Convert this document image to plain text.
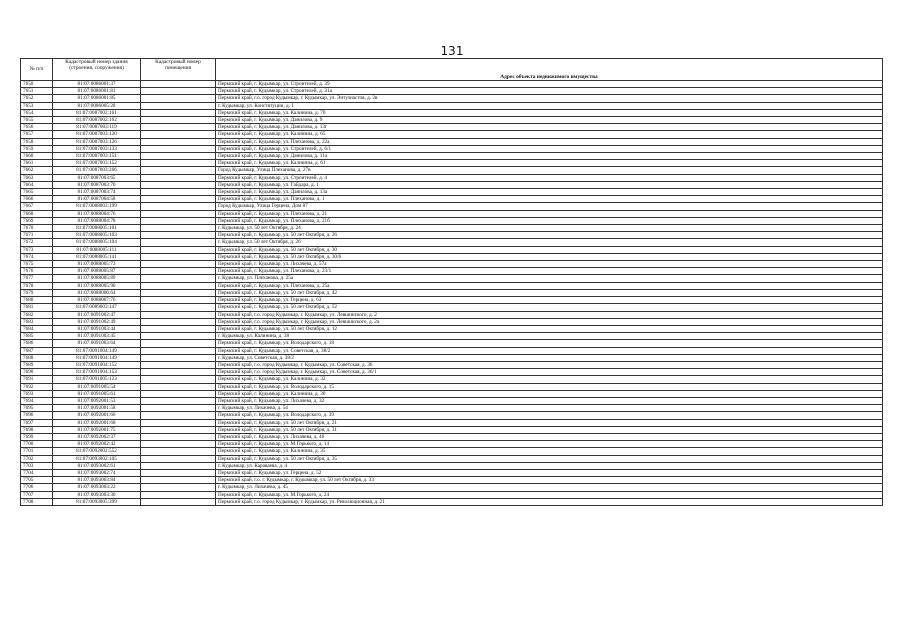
131
№ п/п	Кадастровый номер здания (строения, сооружения)	Кадастровый номер помещения	Адрес объекта недвижимого имущества
7650	81:07:0086001:37		Пермский край, г. Кудымкар, ул. Строителей, д. 39
7651	81:07:0086001:81		Пермский край, г. Кудымкар, ул. Строителей, д. 31а
7652	81:07:0086001:85		Пермский край, г.о. город Кудымкар, г. Кудымкар, ул. Энтузиастов, д. 2в
7653	81:07:0086005:28		г. Кудымкар, ул. Конституции, д. 1
7654	81:07:0087002:161		Пермский край, г. Кудымкар, ул. Калинина, д. 70
7655	81:07:0087002:162		Пермский край, г. Кудымкар, ул. Данилова, д. 9
7656	81:07:0087003:119		Пермский край, г. Кудымкар, ул. Данилова, д. 13г
7657	81:07:0087003:120		Пермский край, г. Кудымкар, ул. Калинина, д. 65
7658	81:07:0087003:126		Пермский край, г. Кудымкар, ул. Плеханова, д. 22а
7659	81:07:0087003:133		Пермский край, г. Кудымкар, ул. Строителей, д. 6/1
7660	81:07:0087003:151		Пермский край, г. Кудымкар, ул. Данилова, д. 11а
7661	81:07:0087003:152		Пермский край, г. Кудымкар, ул. Калинина, д. 61
7662	81:07:0087003:266		Город Кудымкар, Улица Плеханова, д. 27в
7663	81:07:0087003:65		Пермский край, г. Кудымкар, ул. Строителей, д. 4
7664	81:07:0087003:70		Пермский край, г. Кудымкар, ул. Гайдара, д. 1
7665	81:07:0087003:74		Пермский край, г. Кудымкар, ул. Данилова, д. 13а
7666	81:07:0087004:58		Пермский край, г. Кудымкар, ул. Плеханова, д. 1
7667	81:07:0088003:199		Город Кудымкар, Улица Герцена, Дом 87
7668	81:07:0088004:76		Пермский край, г. Кудымкар, ул. Плеханова, д. 21
7669	81:07:0088004:78		Пермский край, г. Кудымкар, ул. Плеханова, д. 21б
7670	81:07:0088005:101		г. Кудымкар, ул. 50 лет Октября, д. 24
7671	81:07:0088005:103		Пермский край, г. Кудымкар, ул. 50 лет Октября, д. 26
7672	81:07:0088005:104		г. Кудымкар, ул. 50 лет Октября, д. 26
7673	81:07:0088005:111		Пермский край, г. Кудымкар, ул. 50 лет Октября, д. 30
7674	81:07:0088005:141		Пермский край, г. Кудымкар, ул. 50 лет Октября, д. 30/6
7675	81:07:0088005:73		Пермский край, г. Кудымкар, ул. Лихачева, д. 57а
7676	81:07:0088005:87		Пермский край, г. Кудымкар, ул. Плеханова, д. 23/1
7677	81:07:0088005:89		г. Кудымкар, ул. Плеханова, д. 25а
7678	81:07:0088005:90		Пермский край, г. Кудымкар, ул. Плеханова, д. 25а
7679	81:07:0088006:64		Пермский край, г. Кудымкар, ул. 50 лет Октября, д. 42
7680	81:07:0088007:76		Пермский край, г. Кудымкар, ул. Герцена, д. 63
7681	81:07:0089003:147		Пермский край, г. Кудымкар, ул. 50 лет Октября, д. 52
7682	81:07:0091002:47		Пермский край, г.о. город Кудымкар, г. Кудымкар, ул. Левшинского, д. 2
7683	81:07:0091002:49		Пермский край, г.о. город Кудымкар, г. Кудымкар, ул. Левшинского, д. 2а
7684	81:07:0091003:44		Пермский край, г. Кудымкар, ул. 50 лет Октября, д. 12
7685	81:07:0091003:45		г. Кудымкар, ул. Калинина, д. 38
7686	81:07:0091003:64		Пермский край, г. Кудымкар, ул. Володарского, д. 18
7687	81:07:0091004:149		Пермский край, г. Кудымкар, ул. Советская, д. 38/2
7688	81:07:0091004:149		г. Кудымкар, ул. Советская, д. 38/2
7689	81:07:0091004:152		Пермский край, г.о. город Кудымкар, г. Кудымкар, ул. Советская, д. 36
7690	81:07:0091004:153		Пермский край, г.о. город Кудымкар, г. Кудымкар, ул. Советская, д. 36/1
7691	81:07:0091005:123		Пермский край, г. Кудымкар, ул. Калинина, д. 32
7692	81:07:0091005:54		Пермский край, г. Кудымкар, ул. Володарского, д. 15
7693	81:07:0091005:61		Пермский край, г. Кудымкар, ул. Калинина, д. 30
7694	81:07:0092001:53		Пермский край, г. Кудымкар, ул. Лихачева, д. 32
7695	81:07:0092001:58		г. Кудымкар, ул. Лихачева, д. 54
7696	81:07:0092001:66		Пермский край, г. Кудымкар, ул. Володарского, д. 39
7697	81:07:0092001:68		Пермский край, г. Кудымкар, ул. 50 лет Октября, д. 21
7698	81:07:0092001:75		Пермский край, г. Кудымкар, ул. 50 лет Октября, д. 31
7699	81:07:0092002:37		Пермский край, г. Кудымкар, ул. Лихачева, д. 46
7700	81:07:0092002:42		Пермский край, г. Кудымкар, ул. М.Горького, д. 14
7701	81:07:0092002:552		Пермский край, г. Кудымкар, ул. Калинина, д. 35
7702	81:07:0093002:105		Пермский край, г. Кудымкар, ул. 50 лет Октября, д. 35
7703	81:07:0093002:61		г. Кудымкар, ул. Караваева, д. 4
7704	81:07:0093002:74		Пермский край, г. Кудымкар, ул. Герцена, д. 52
7705	81:07:0093003:84		Пермский край, г.о. г. Кудымкар, г. Кудымкар, ул. 50 лет Октября, д. 33
7706	81:07:0093003:22		г. Кудымкар, ул. Лихачева, д. 45
7707	81:07:0093003:30		Пермский край, г. Кудымкар, ул. М.Горького, д. 24
7708	81:07:0093005:399		Пермский край, г.о. город Кудымкар, г. Кудымкар, ул. Революционная, д. 21
